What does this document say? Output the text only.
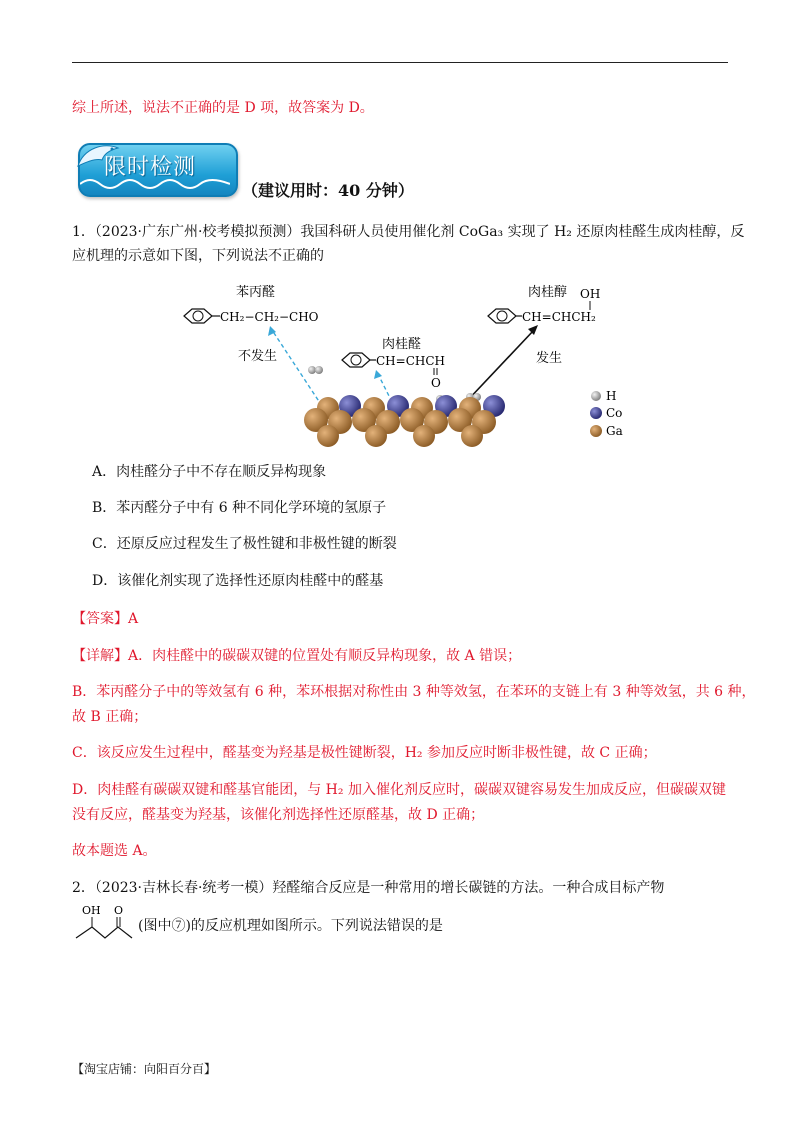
综上所述，说法不正确的是 D 项，故答案为 D。
限时检测
（建议用时：40 分钟）
1．（2023·广东广州·校考模拟预测）我国科研人员使用催化剂 CoGa₃ 实现了 H₂ 还原肉桂醛生成肉桂醇，反
应机理的示意如下图，下列说法不正确的
苯丙醛
CH₂−CH₂−CHO
肉桂醛
CH=CHCH
O
肉桂醇 OH
CH=CHCH₂
不发生	发生
H
Co
Ga
A．肉桂醛分子中不存在顺反异构现象
B．苯丙醛分子中有 6 种不同化学环境的氢原子
C．还原反应过程发生了极性键和非极性键的断裂
D．该催化剂实现了选择性还原肉桂醛中的醛基
【答案】A
【详解】A．肉桂醛中的碳碳双键的位置处有顺反异构现象，故 A 错误；
B．苯丙醛分子中的等效氢有 6 种，苯环根据对称性由 3 种等效氢，在苯环的支链上有 3 种等效氢，共 6 种，
故 B 正确；
C．该反应发生过程中，醛基变为羟基是极性键断裂，H₂ 参加反应时断非极性键，故 C 正确；
D．肉桂醛有碳碳双键和醛基官能团，与 H₂ 加入催化剂反应时，碳碳双键容易发生加成反应，但碳碳双键
没有反应，醛基变为羟基，该催化剂选择性还原醛基，故 D 正确；
故本题选 A。
2．（2023·吉林长春·统考一模）羟醛缩合反应是一种常用的增长碳链的方法。一种合成目标产物
OH O
(图中⑦)的反应机理如图所示。下列说法错误的是
【淘宝店铺：向阳百分百】
